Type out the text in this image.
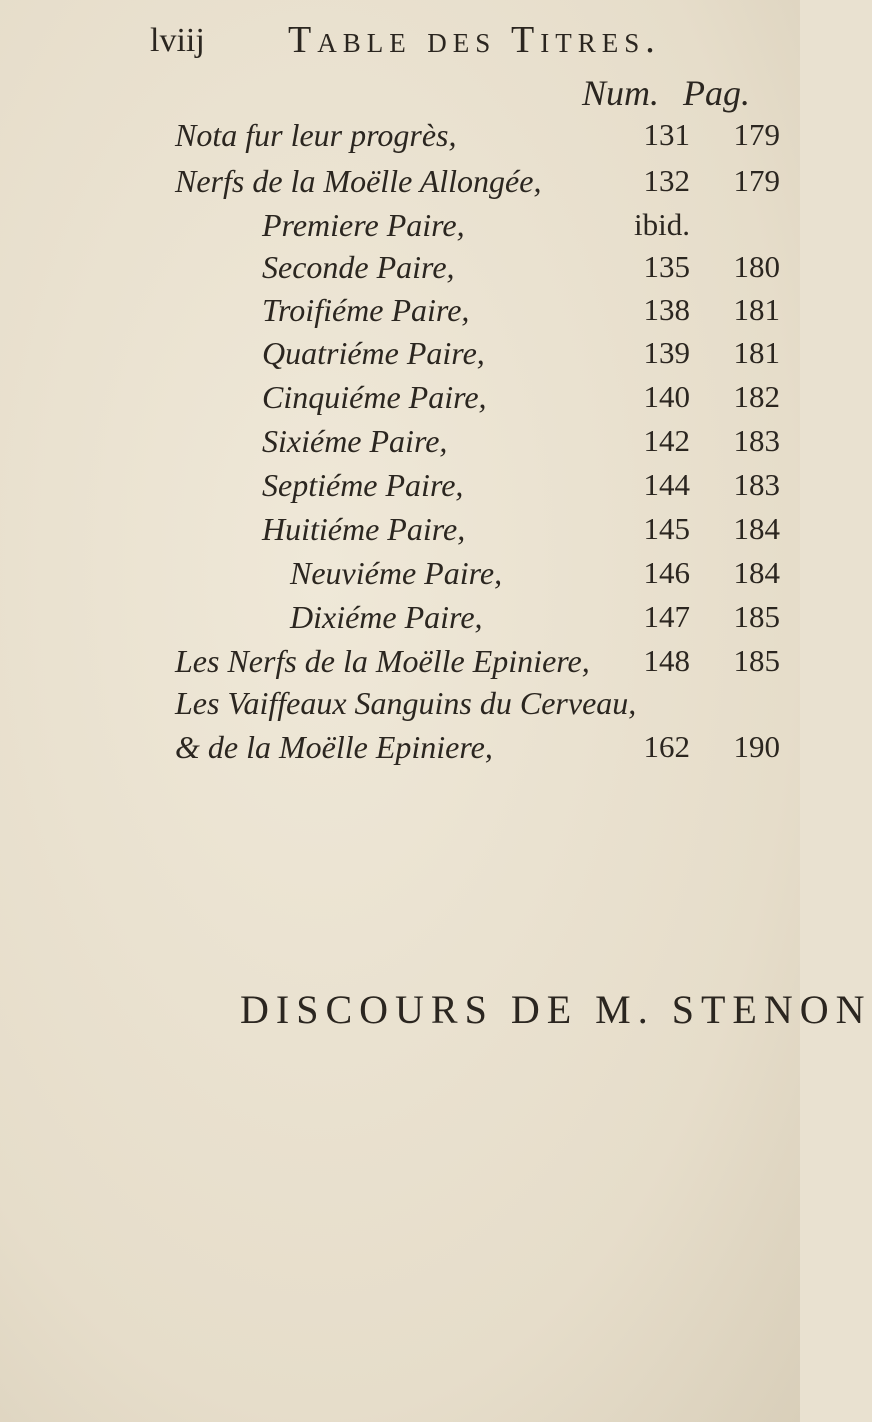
lviij Table des Titres.
Num. Pag.
Nota fur leur progrès,	131	179
Nerfs de la Moëlle Allongée,	132	179
Premiere Paire,	ibid.
Seconde Paire,	135	180
Troifiéme Paire,	138	181
Quatriéme Paire,	139	181
Cinquiéme Paire,	140	182
Sixiéme Paire,	142	183
Septiéme Paire,	144	183
Huitiéme Paire,	145	184
Neuviéme Paire,	146	184
Dixiéme Paire,	147	185
Les Nerfs de la Moëlle Epiniere,	148	185
Les Vaiffeaux Sanguins du Cerveau,
& de la Moëlle Epiniere,	162	190
DISCOURS DE M. STENON
